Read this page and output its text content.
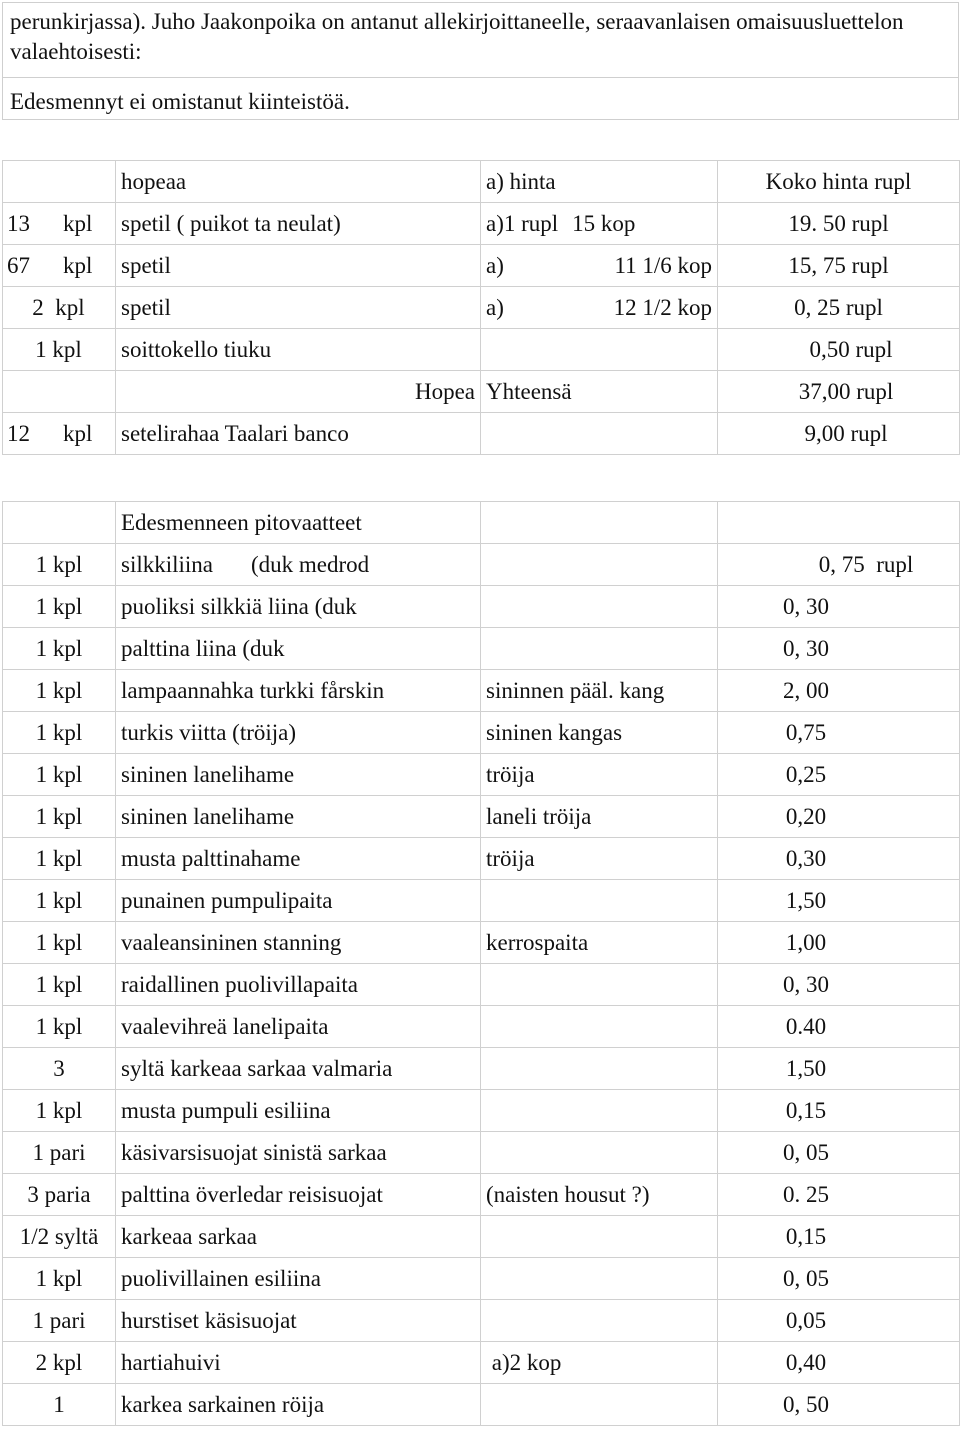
perunkirjassa). Juho Jaakonpoika on antanut allekirjoittaneelle, seraavanlaisen omaisuusluettelon valaehtoisesti:
Edesmennyt ei omistanut kiinteistöä.
	hopeaa	a) hinta	Koko hinta rupl
13 kpl	spetil ( puikot ta neulat)	a)1 rupl 15 kop	19. 50 rupl
67 kpl	spetil	a) 11 1/6 kop	15, 75 rupl
2 kpl	spetil	a) 12 1/2 kop	0, 25 rupl
1 kpl	soittokello tiuku		0,50 rupl
	Hopea	Yhteensä	37,00 rupl
12 kpl	setelirahaa Taalari banco		9,00 rupl
	Edesmenneen pitovaatteet		
1 kpl	silkkiliina (duk medrod		0, 75  rupl
1 kpl	puoliksi silkkiä liina (duk		0, 30
1 kpl	palttina liina (duk		0, 30
1 kpl	lampaannahka turkki fårskin	sininnen pääl. kang	2, 00
1 kpl	turkis viitta (tröija)	sininen kangas	0,75
1 kpl	sininen lanelihame	tröija	0,25
1 kpl	sininen lanelihame	laneli tröija	0,20
1 kpl	musta palttinahame	tröija	0,30
1 kpl	punainen pumpulipaita		1,50
1 kpl	vaaleansininen stanning	kerrospaita	1,00
1 kpl	raidallinen puolivillapaita		0, 30
1 kpl	vaalevihreä lanelipaita		0.40
3	syltä karkeaa sarkaa valmaria		1,50
1 kpl	musta pumpuli esiliina		0,15
1 pari	käsivarsisuojat sinistä sarkaa		0, 05
3 paria	palttina överledar reisisuojat	(naisten housut ?)	0. 25
1/2 syltä	karkeaa sarkaa		0,15
1 kpl	puolivillainen esiliina		0, 05
1 pari	hurstiset käsisuojat		0,05
2 kpl	hartiahuivi	a)2 kop	0,40
1	karkea sarkainen röija		0, 50
